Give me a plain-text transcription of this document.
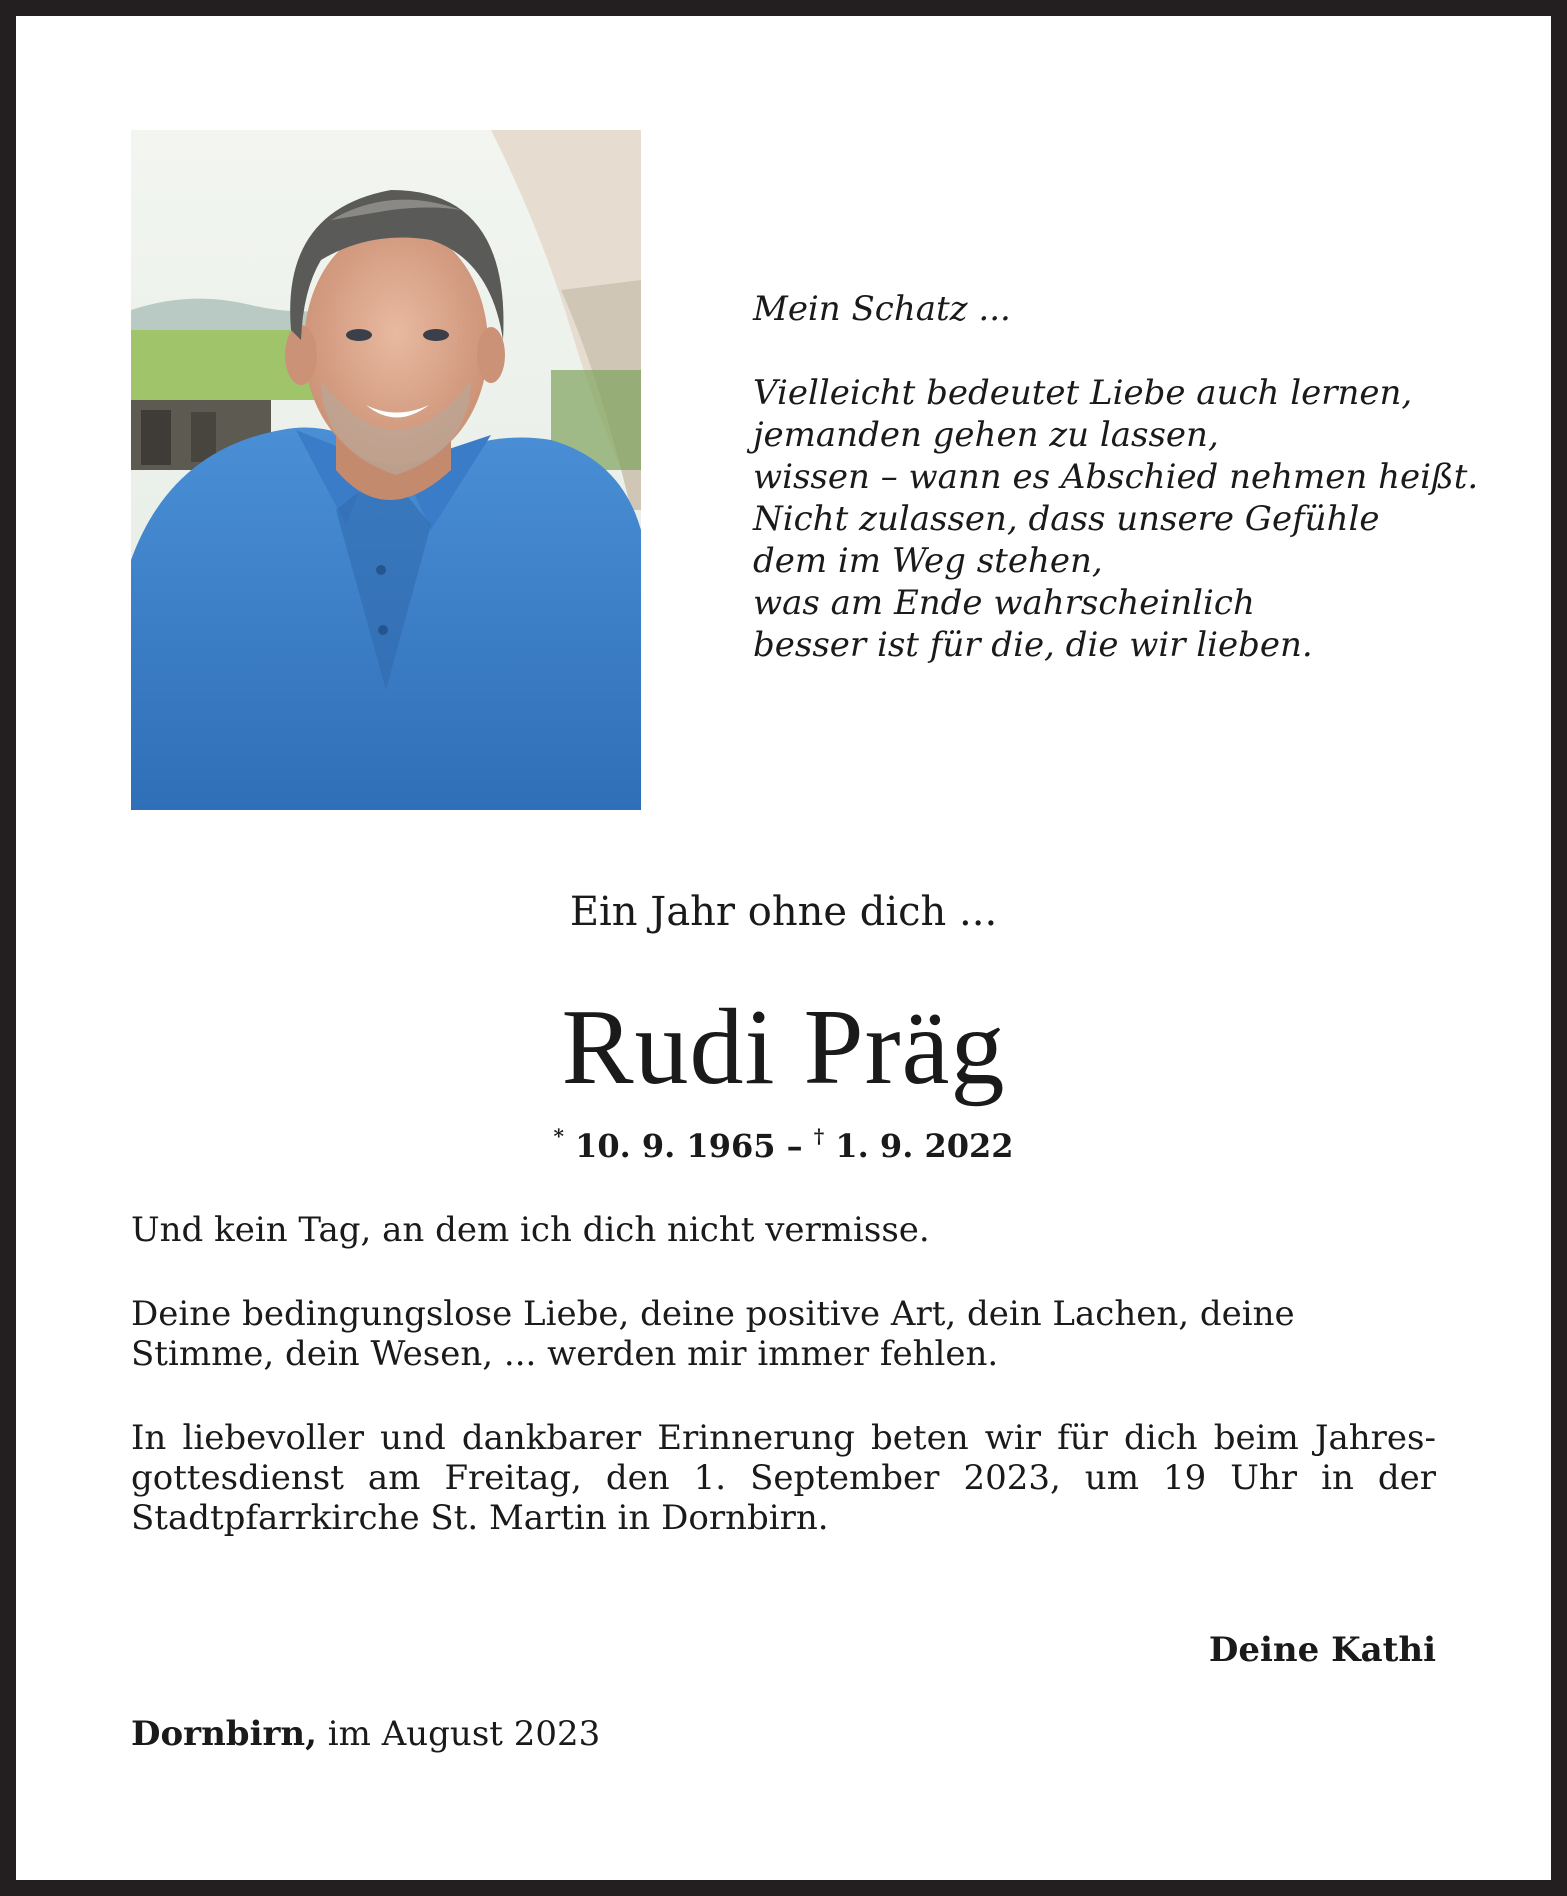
Mein Schatz ...
Vielleicht bedeutet Liebe auch lernen,
jemanden gehen zu lassen,
wissen – wann es Abschied nehmen heißt.
Nicht zulassen, dass unsere Gefühle
dem im Weg stehen,
was am Ende wahrscheinlich
besser ist für die, die wir lieben.
Ein Jahr ohne dich ...
Rudi Präg
* 10. 9. 1965 – † 1. 9. 2022
Und kein Tag, an dem ich dich nicht vermisse.
Deine bedingungslose Liebe, deine positive Art, dein Lachen, deine Stimme, dein Wesen, ... werden mir immer fehlen.
In liebevoller und dankbarer Erinnerung beten wir für dich beim Jahresgottesdienst am Freitag, den 1. September 2023, um 19 Uhr in der Stadtpfarrkirche St. Martin in Dornbirn.
Deine Kathi
Dornbirn, im August 2023
